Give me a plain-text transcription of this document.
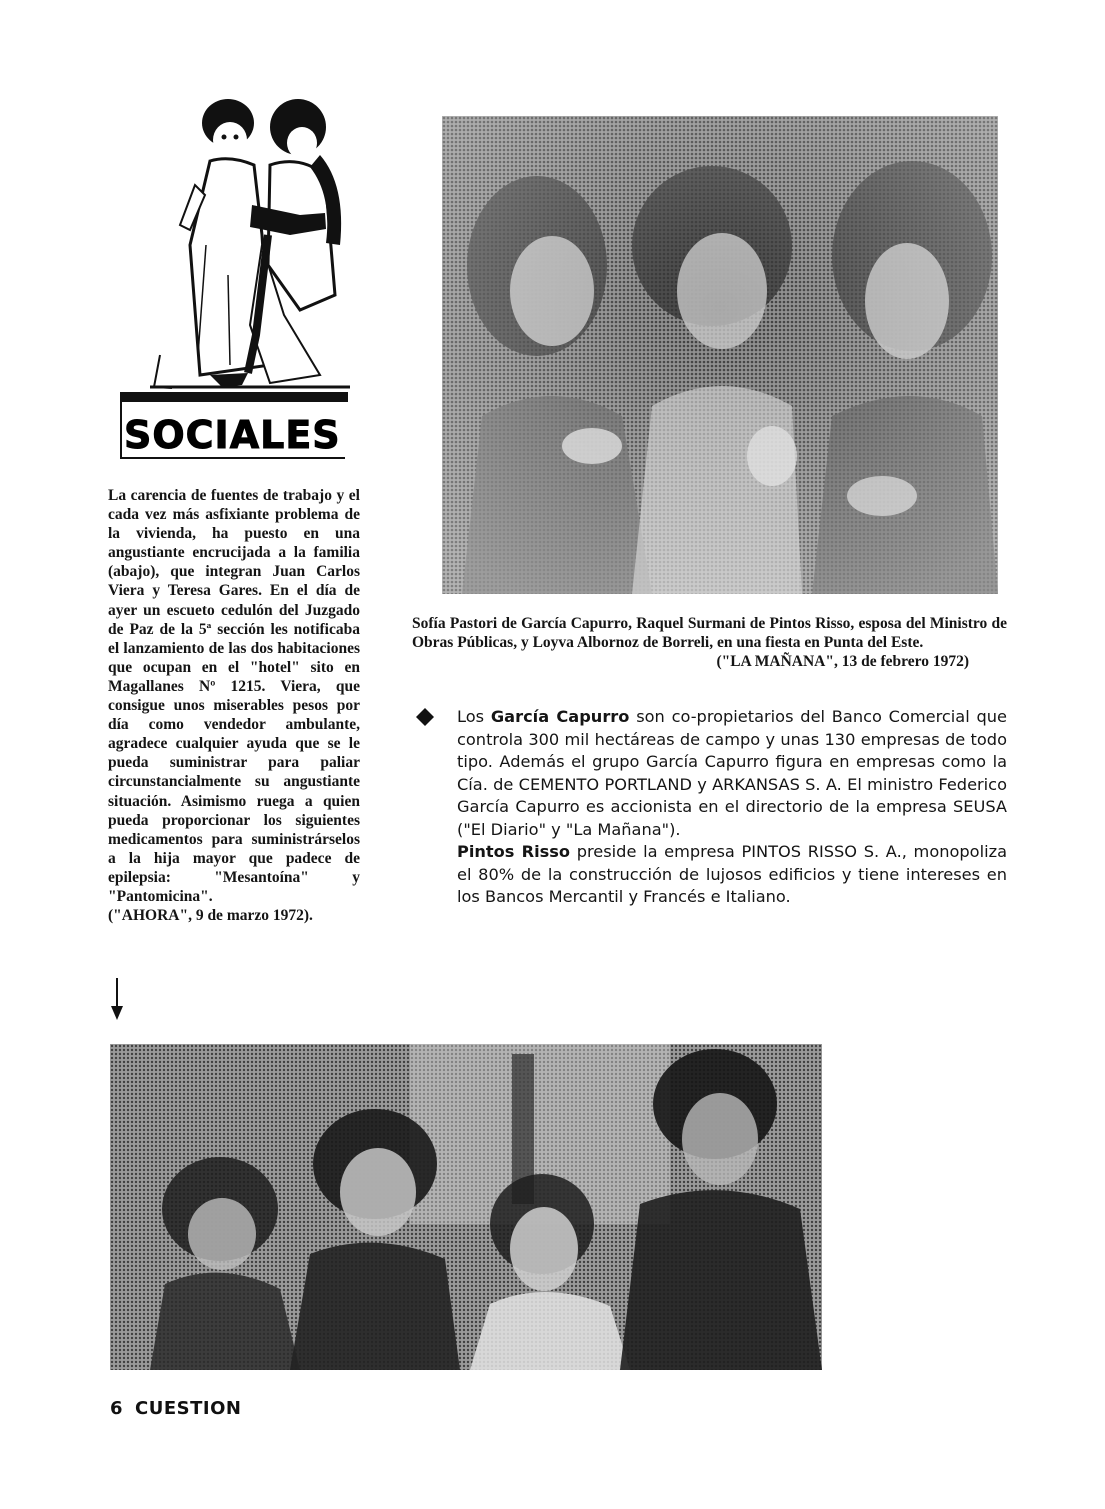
SOCIALES
La carencia de fuentes de trabajo y el cada vez más asfixiante problema de la vivienda, ha puesto en una angustiante encrucijada a la familia (abajo), que integran Juan Carlos Viera y Teresa Gares. En el día de ayer un escueto cedulón del Juzgado de Paz de la 5ª sección les notificaba el lanzamiento de las dos habitaciones que ocupan en el "hotel" sito en Magallanes Nº 1215. Viera, que consigue unos miserables pesos por día como vendedor ambulante, agradece cualquier ayuda que se le pueda suministrar para paliar circunstancialmente su angustiante situación. Asimismo ruega a quien pueda proporcionar los siguientes medicamentos para suministrárselos a la hija mayor que padece de epilepsia: "Mesantoína" y "Pantomicina".
("AHORA", 9 de marzo 1972).
Sofía Pastori de García Capurro, Raquel Surmani de Pintos Risso, esposa del Ministro de Obras Públicas, y Loyva Albornoz de Borreli, en una fiesta en Punta del Este.
("LA MAÑANA", 13 de febrero 1972)

Los García Capurro son co-propietarios del Banco Comercial que controla 300 mil hectáreas de campo y unas 130 empresas de todo tipo. Además el grupo García Capurro figura en empresas como la Cía. de CEMENTO PORTLAND y ARKANSAS S. A. El ministro Federico García Capurro es accionista en el directorio de la empresa SEUSA ("El Diario" y "La Mañana").

Pintos Risso preside la empresa PINTOS RISSO S. A., monopoliza el 80% de la construcción de lujosos edificios y tiene intereses en los Bancos Mercantil y Francés e Italiano.

6 CUESTION
